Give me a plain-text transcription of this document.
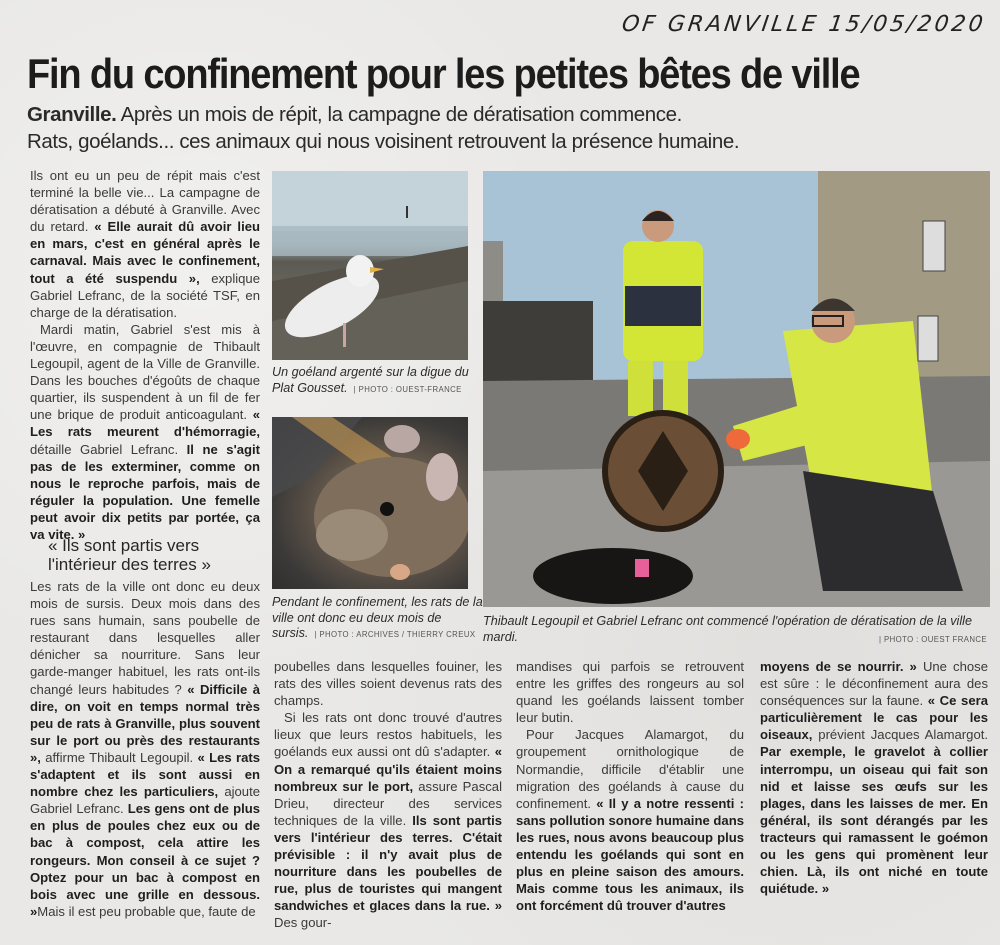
OF GRANVILLE 15/05/2020
Fin du confinement pour les petites bêtes de ville
Granville. Après un mois de répit, la campagne de dératisation commence.
Rats, goélands... ces animaux qui nous voisinent retrouvent la présence humaine.

Ils ont eu un peu de répit mais c'est terminé la belle vie... La campagne de dératisation a débuté à Granville. Avec du retard. « Elle aurait dû avoir lieu en mars, c'est en général après le carnaval. Mais avec le confinement, tout a été suspendu », explique Gabriel Lefranc, de la société TSF, en charge de la dératisation.

Mardi matin, Gabriel s'est mis à l'œuvre, en compagnie de Thibault Legoupil, agent de la Ville de Granville. Dans les bouches d'égoûts de chaque quartier, ils suspendent à un fil de fer une brique de produit anticoagulant. « Les rats meurent d'hémorragie, détaille Gabriel Lefranc. Il ne s'agit pas de les exterminer, comme on nous le reproche parfois, mais de réguler la population. Une femelle peut avoir dix petits par portée, ça va vite. »

« Ils sont partis vers l'intérieur des terres »

Les rats de la ville ont donc eu deux mois de sursis. Deux mois dans des rues sans humain, sans poubelle de restaurant dans lesquelles aller dénicher sa nourriture. Sans leur garde-manger habituel, les rats ont-ils changé leurs habitudes ? « Difficile à dire, on voit en temps normal très peu de rats à Granville, plus souvent sur le port ou près des restaurants », affirme Thibault Legoupil. « Les rats s'adaptent et ils sont aussi en nombre chez les particuliers, ajoute Gabriel Lefranc. Les gens ont de plus en plus de poules chez eux ou de bac à compost, cela attire les rongeurs. Mon conseil à ce sujet ? Optez pour un bac à compost en bois avec une grille en dessous. »Mais il est peu probable que, faute de

poubelles dans lesquelles fouiner, les rats des villes soient devenus rats des champs.

Si les rats ont donc trouvé d'autres lieux que leurs restos habituels, les goélands eux aussi ont dû s'adapter. « On a remarqué qu'ils étaient moins nombreux sur le port, assure Pascal Drieu, directeur des services techniques de la ville. Ils sont partis vers l'intérieur des terres. C'était prévisible : il n'y avait plus de nourriture dans les poubelles de rue, plus de touristes qui mangent sandwiches et glaces dans la rue. » Des gour-

mandises qui parfois se retrouvent entre les griffes des rongeurs au sol quand les goélands laissent tomber leur butin.

Pour Jacques Alamargot, du groupement ornithologique de Normandie, difficile d'établir une migration des goélands à cause du confinement. « Il y a notre ressenti : sans pollution sonore humaine dans les rues, nous avons beaucoup plus entendu les goélands qui sont en plus en pleine saison des amours. Mais comme tous les animaux, ils ont forcément dû trouver d'autres

moyens de se nourrir. » Une chose est sûre : le déconfinement aura des conséquences sur la faune. « Ce sera particulièrement le cas pour les oiseaux, prévient Jacques Alamargot. Par exemple, le gravelot à collier interrompu, un oiseau qui fait son nid et laisse ses œufs sur les plages, dans les laisses de mer. En général, ils sont dérangés par les tracteurs qui ramassent le goémon ou les gens qui promènent leur chien. Là, ils ont niché en toute quiétude. »

Un goéland argenté sur la digue du Plat Gousset. | PHOTO : OUEST-FRANCE
Pendant le confinement, les rats de la ville ont donc eu deux mois de sursis. | PHOTO : ARCHIVES / THIERRY CREUX
Thibault Legoupil et Gabriel Lefranc ont commencé l'opération de dératisation de la ville mardi.	| PHOTO : OUEST FRANCE
